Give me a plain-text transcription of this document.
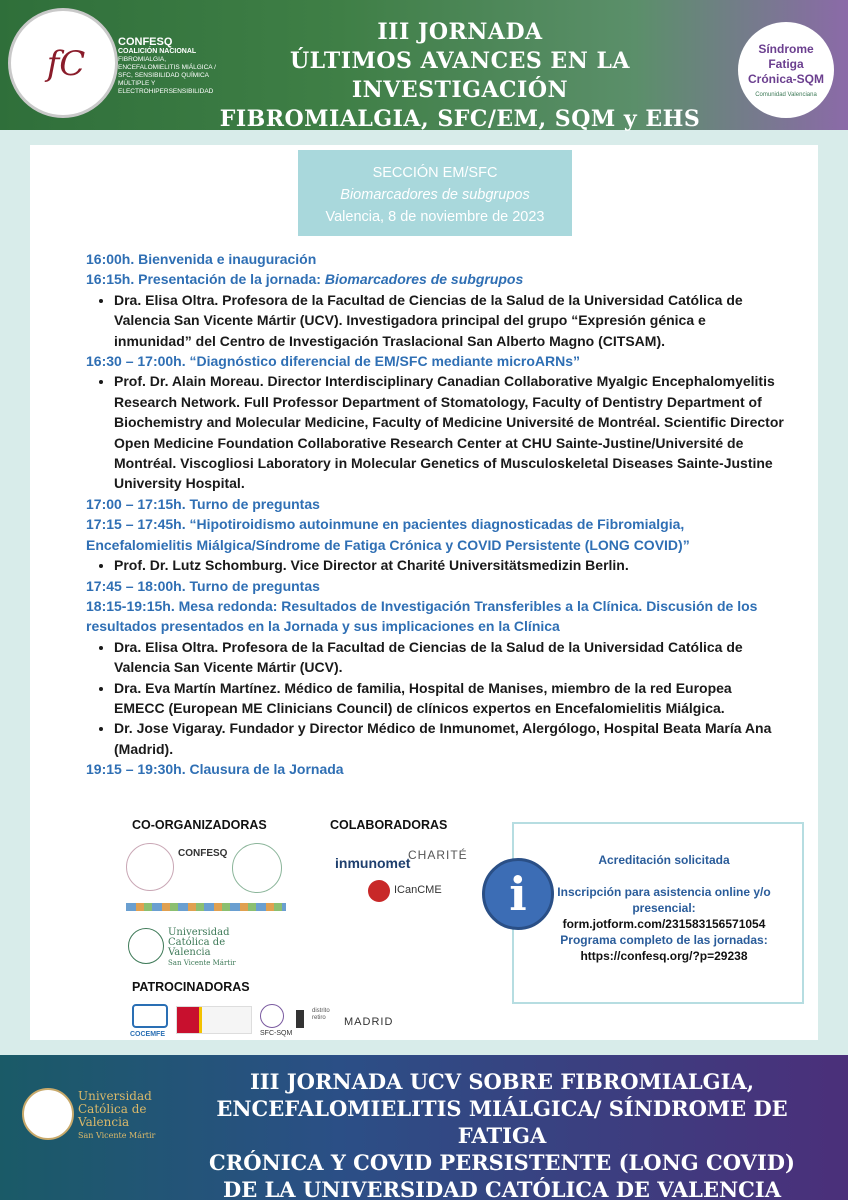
fC
CONFESQ
COALICIÓN NACIONAL
FIBROMIALGIA, ENCEFALOMIELITIS MIÁLGICA / SFC, SENSIBILIDAD QUÍMICA MÚLTIPLE Y ELECTROHIPERSENSIBILIDAD
III JORNADA
ÚLTIMOS AVANCES EN LA INVESTIGACIÓN
FIBROMIALGIA, SFC/EM, SQM y EHS
Síndrome
Fatiga
Crónica-SQM
Comunidad Valenciana
SECCIÓN EM/SFC
Biomarcadores de subgrupos
Valencia, 8 de noviembre de 2023
16:00h. Bienvenida e inauguración
16:15h. Presentación de la jornada: Biomarcadores de subgrupos
• Dra. Elisa Oltra. Profesora de la Facultad de Ciencias de la Salud de la Universidad Católica de Valencia San Vicente Mártir (UCV). Investigadora principal del grupo “Expresión génica e inmunidad” del Centro de Investigación Traslacional San Alberto Magno (CITSAM).
16:30 – 17:00h. “Diagnóstico diferencial de EM/SFC mediante microARNs”
• Prof. Dr. Alain Moreau. Director Interdisciplinary Canadian Collaborative Myalgic Encephalomyelitis Research Network. Full Professor Department of Stomatology, Faculty of Dentistry Department of Biochemistry and Molecular Medicine, Faculty of Medicine Université de Montréal. Scientific Director Open Medicine Foundation Collaborative Research Center at CHU Sainte-Justine/Université de Montréal. Viscogliosi Laboratory in Molecular Genetics of Musculoskeletal Diseases Sainte-Justine University Hospital.
17:00 – 17:15h. Turno de preguntas
17:15 – 17:45h. “Hipotiroidismo autoinmune en pacientes diagnosticadas de Fibromialgia, Encefalomielitis Miálgica/Síndrome de Fatiga Crónica y COVID Persistente (LONG COVID)”
• Prof. Dr. Lutz Schomburg. Vice Director at Charité Universitätsmedizin Berlin.
17:45 – 18:00h. Turno de preguntas
18:15-19:15h. Mesa redonda: Resultados de Investigación Transferibles a la Clínica. Discusión de los resultados presentados en la Jornada y sus implicaciones en la Clínica
• Dra. Elisa Oltra. Profesora de la Facultad de Ciencias de la Salud de la Universidad Católica de Valencia San Vicente Mártir (UCV).
• Dra. Eva Martín Martínez. Médico de familia, Hospital de Manises, miembro de la red Europea EMECC (European ME Clinicians Council) de clínicos expertos en Encefalomielitis Miálgica.
• Dr. Jose Vigaray. Fundador y Director Médico de Inmunomet, Alergólogo, Hospital Beata María Ana (Madrid).
19:15 – 19:30h. Clausura de la Jornada
CO-ORGANIZADORAS	COLABORADORAS
PATROCINADORAS
CONFESQ
Universidad
Católica de
Valencia
San Vicente Mártir
inmunomet
CHARITÉ
ICanCME
COCEMFE	SFC-SQM
distrito retiro	MADRID
i
Acreditación solicitada
Inscripción para asistencia online y/o presencial:
form.jotform.com/231583156571054
Programa completo de las jornadas:
https://confesq.org/?p=29238
Universidad
Católica de
Valencia
San Vicente Mártir
III JORNADA UCV SOBRE FIBROMIALGIA,
ENCEFALOMIELITIS MIÁLGICA/ SÍNDROME DE FATIGA
CRÓNICA Y COVID PERSISTENTE (LONG COVID)
DE LA UNIVERSIDAD CATÓLICA DE VALENCIA
